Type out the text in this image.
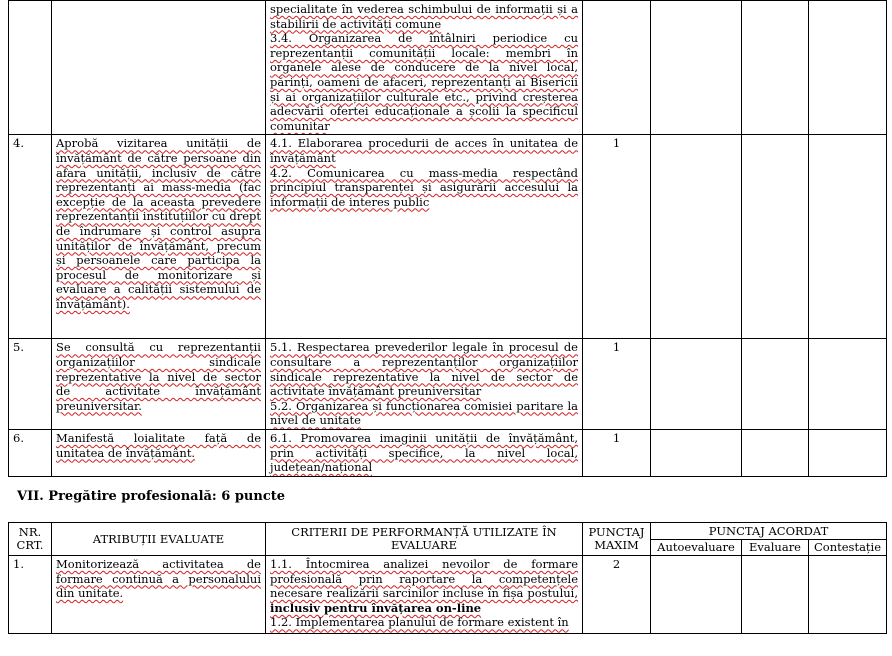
		specialitate în vederea schimbului de informații și a stabilirii de activități comune

3.4. Organizarea de întâlniri periodice cu reprezentanții comunității locale: membri în organele alese de conducere de la nivel local, părinți, oameni de afaceri, reprezentanți ai Bisericii și ai organizațiilor culturale etc., privind creșterea adecvării ofertei educaționale a școlii la specificul comunitar				

4.	Aprobă vizitarea unității de învățământ de către persoane din afara unității, inclusiv de către reprezentanți ai mass-media (fac excepție de la aceasta prevedere reprezentanții instituțiilor cu drept de îndrumare și control asupra unităților de învățământ, precum și persoanele care participa la procesul de monitorizare și evaluare a calității sistemului de învățământ).	4.1. Elaborarea procedurii de acces în unitatea de învățământ

4.2. Comunicarea cu mass-media respectând principiul transparenței și asigurării accesului la informații de interes public	1			
5.	Se consultă cu reprezentanții organizațiilor sindicale reprezentative la nivel de sector de activitate învățământ preuniversitar.	5.1. Respectarea prevederilor legale în procesul de consultare a reprezentanților organizațiilor sindicale reprezentative la nivel de sector de activitate învățământ preuniversitar

5.2. Organizarea și funcționarea comisiei paritare la nivel de unitate	1			
6.	Manifestă loialitate față de unitatea de învățământ.	6.1. Promovarea imaginii unității de învățământ, prin activități specifice, la nivel local, județean/național	1			
VII. Pregătire profesională: 6 puncte
NR. CRT.	ATRIBUȚII EVALUATE	CRITERII DE PERFORMANȚĂ UTILIZATE ÎN EVALUARE	PUNCTAJ MAXIM	PUNCTAJ ACORDAT		
				Autoevaluare	Evaluare	Contestație
1.	Monitorizează activitatea de formare continuă a personalului din unitate.	1.1. Întocmirea analizei nevoilor de formare profesională prin raportare la competențele necesare realizării sarcinilor incluse în fișa postului, inclusiv pentru învățarea on-line

1.2. Implementarea planului de formare existent în	2			
